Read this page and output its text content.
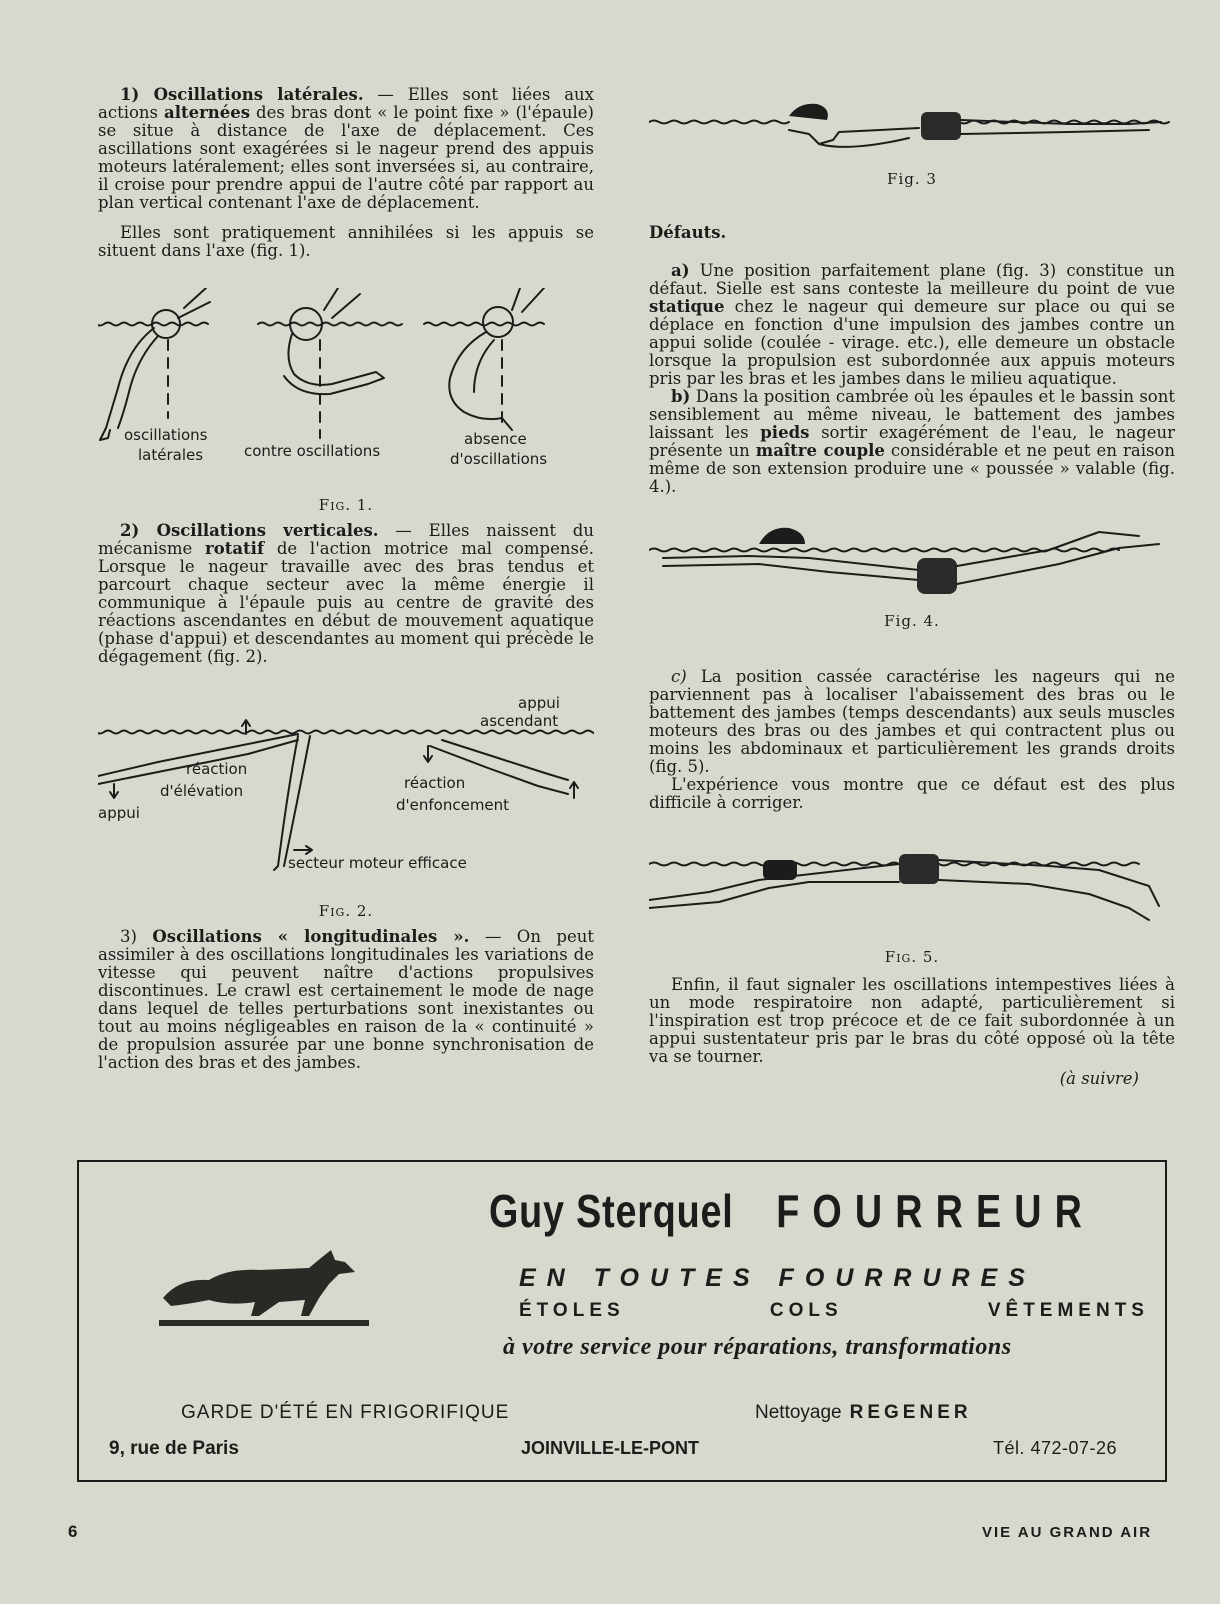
1) Oscillations latérales. — Elles sont liées aux actions alternées des bras dont « le point fixe » (l'épaule) se situe à distance de l'axe de déplacement. Ces ascillations sont exagérées si le nageur prend des appuis moteurs latéralement; elles sont inversées si, au contraire, il croise pour prendre appui de l'autre côté par rapport au plan vertical contenant l'axe de déplacement.

Elles sont pratiquement annihilées si les appuis se situent dans l'axe (fig. 1).

oscillations
latérales	contre oscillations
absence
d'oscillations
Fig. 1.

2) Oscillations verticales. — Elles naissent du mécanisme rotatif de l'action motrice mal compensé. Lorsque le nageur travaille avec des bras tendus et parcourt chaque secteur avec la même énergie il communique à l'épaule puis au centre de gravité des réactions ascendantes en début de mouvement aquatique (phase d'appui) et descendantes au moment qui précède le dégagement (fig. 2).

appui
ascendant
réaction
d'élévation
appui
réaction
d'enfoncement
secteur moteur efficace
Fig. 2.

3) Oscillations « longitudinales ». — On peut assimiler à des oscillations longitudinales les variations de vitesse qui peuvent naître d'actions propulsives discontinues. Le crawl est certainement le mode de nage dans lequel de telles perturbations sont inexistantes ou tout au moins négligeables en raison de la « continuité » de propulsion assurée par une bonne synchronisation de l'action des bras et des jambes.

Fig. 3

Défauts.

a) Une position parfaitement plane (fig. 3) constitue un défaut. Sielle est sans conteste la meilleure du point de vue statique chez le nageur qui demeure sur place ou qui se déplace en fonction d'une impulsion des jambes contre un appui solide (coulée - virage. etc.), elle demeure un obstacle lorsque la propulsion est subordonnée aux appuis moteurs pris par les bras et les jambes dans le milieu aquatique.

b) Dans la position cambrée où les épaules et le bassin sont sensiblement au même niveau, le battement des jambes laissant les pieds sortir exagérément de l'eau, le nageur présente un maître couple considérable et ne peut en raison même de son extension produire une « poussée » valable (fig. 4.).

Fig. 4.

c) La position cassée caractérise les nageurs qui ne parviennent pas à localiser l'abaissement des bras ou le battement des jambes (temps descendants) aux seuls muscles moteurs des bras ou des jambes et qui contractent plus ou moins les abdominaux et particulièrement les grands droits (fig. 5).

L'expérience vous montre que ce défaut est des plus difficile à corriger.

Fig. 5.

Enfin, il faut signaler les oscillations intempestives liées à un mode respiratoire non adapté, particulièrement si l'inspiration est trop précoce et de ce fait subordonnée à un appui sustentateur pris par le bras du côté opposé où la tête va se tourner.

(à suivre)

Guy Sterquel FOURREUR
EN TOUTES FOURRURES
ÉTOLES	COLS	VÊTEMENTS
à votre service pour réparations, transformations
GARDE D'ÉTÉ EN FRIGORIFIQUE	Nettoyage REGENER
9, rue de Paris	JOINVILLE-LE-PONT	Tél. 472-07-26
6	VIE AU GRAND AIR
